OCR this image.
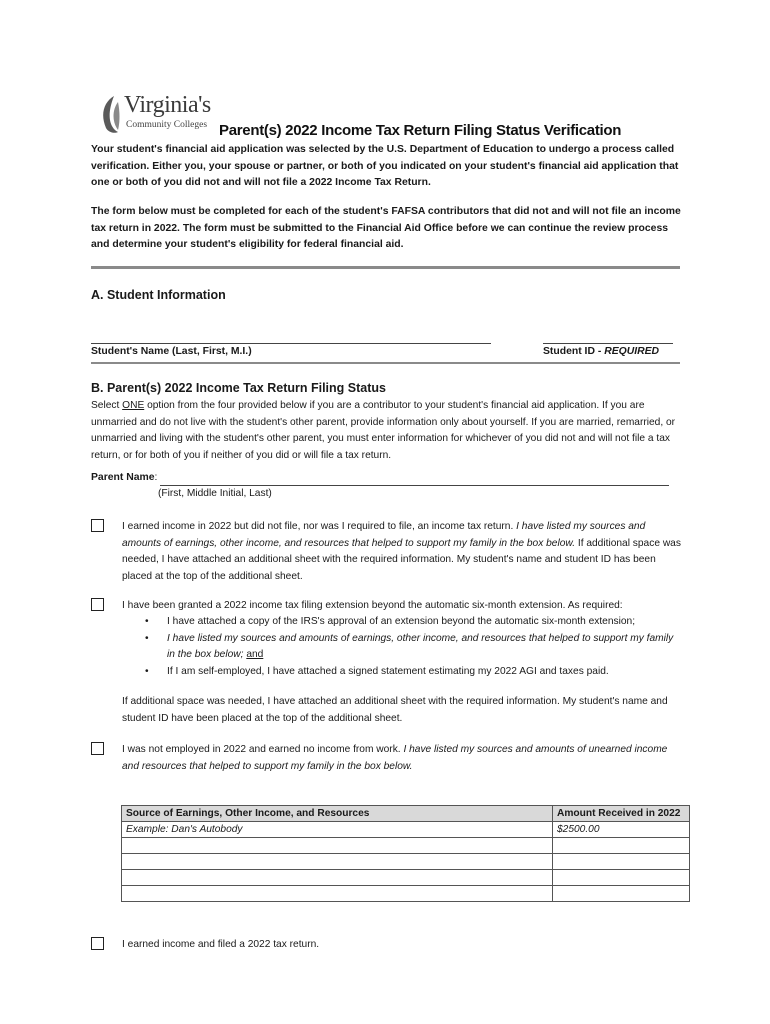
Virginia's
Community Colleges Parent(s) 2022 Income Tax Return Filing Status Verification
Your student's financial aid application was selected by the U.S. Department of Education to undergo a process called verification. Either you, your spouse or partner, or both of you indicated on your student's financial aid application that one or both of you did not and will not file a 2022 Income Tax Return.
The form below must be completed for each of the student's FAFSA contributors that did not and will not file an income tax return in 2022. The form must be submitted to the Financial Aid Office before we can continue the review process and determine your student's eligibility for federal financial aid.
A. Student Information
Student's Name (Last, First, M.I.)	Student ID - REQUIRED
B. Parent(s) 2022 Income Tax Return Filing Status
Select ONE option from the four provided below if you are a contributor to your student's financial aid application. If you are unmarried and do not live with the student's other parent, provide information only about yourself. If you are married, remarried, or unmarried and living with the student's other parent, you must enter information for whichever of you did not and will not file a tax return, or for both of you if neither of you did or will file a tax return.
Parent Name:
(First, Middle Initial, Last)
I earned income in 2022 but did not file, nor was I required to file, an income tax return. I have listed my sources and amounts of earnings, other income, and resources that helped to support my family in the box below. If additional space was needed, I have attached an additional sheet with the required information. My student's name and student ID has been placed at the top of the additional sheet.
I have been granted a 2022 income tax filing extension beyond the automatic six-month extension. As required:
• I have attached a copy of the IRS's approval of an extension beyond the automatic six-month extension;
• I have listed my sources and amounts of earnings, other income, and resources that helped to support my family in the box below; and
• If I am self-employed, I have attached a signed statement estimating my 2022 AGI and taxes paid.
If additional space was needed, I have attached an additional sheet with the required information. My student's name and student ID have been placed at the top of the additional sheet.
I was not employed in 2022 and earned no income from work. I have listed my sources and amounts of unearned income and resources that helped to support my family in the box below.
Source of Earnings, Other Income, and Resources	Amount Received in 2022
Example: Dan's Autobody	$2500.00

I earned income and filed a 2022 tax return.
